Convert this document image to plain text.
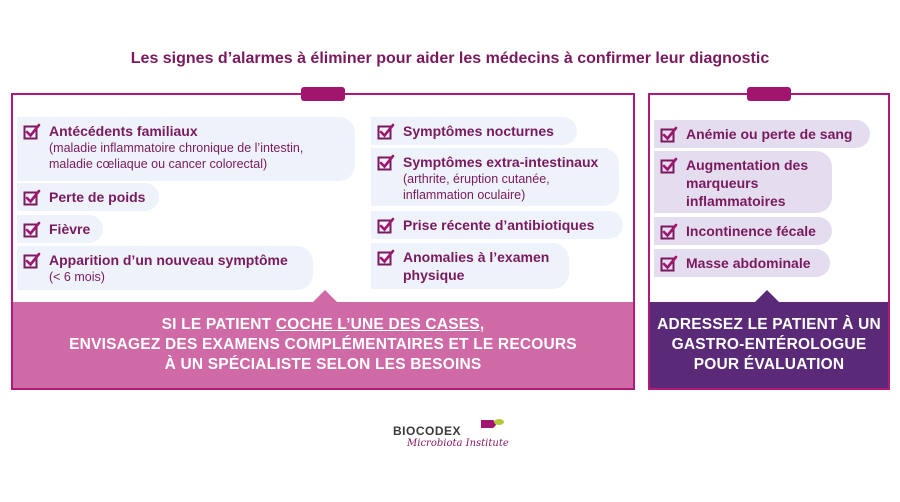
Les signes d’alarmes à éliminer pour aider les médecins à confirmer leur diagnostic
Antécédents familiaux
(maladie inflammatoire chronique de l’intestin, maladie cœliaque ou cancer colorectal)
Perte de poids
Fièvre
Apparition d’un nouveau symptôme
(< 6 mois)
Symptômes nocturnes
Symptômes extra-intestinaux
(arthrite, éruption cutanée, inflammation oculaire)
Prise récente d’antibiotiques
Anomalies à l’examen physique
SI LE PATIENT COCHE L’UNE DES CASES,
ENVISAGEZ DES EXAMENS COMPLÉMENTAIRES ET LE RECOURS
À UN SPÉCIALISTE SELON LES BESOINS
Anémie ou perte de sang
Augmentation des marqueurs inflammatoires
Incontinence fécale
Masse abdominale
ADRESSEZ LE PATIENT À UN
GASTRO-ENTÉROLOGUE
POUR ÉVALUATION
BIOCODEX
Microbiota Institute
